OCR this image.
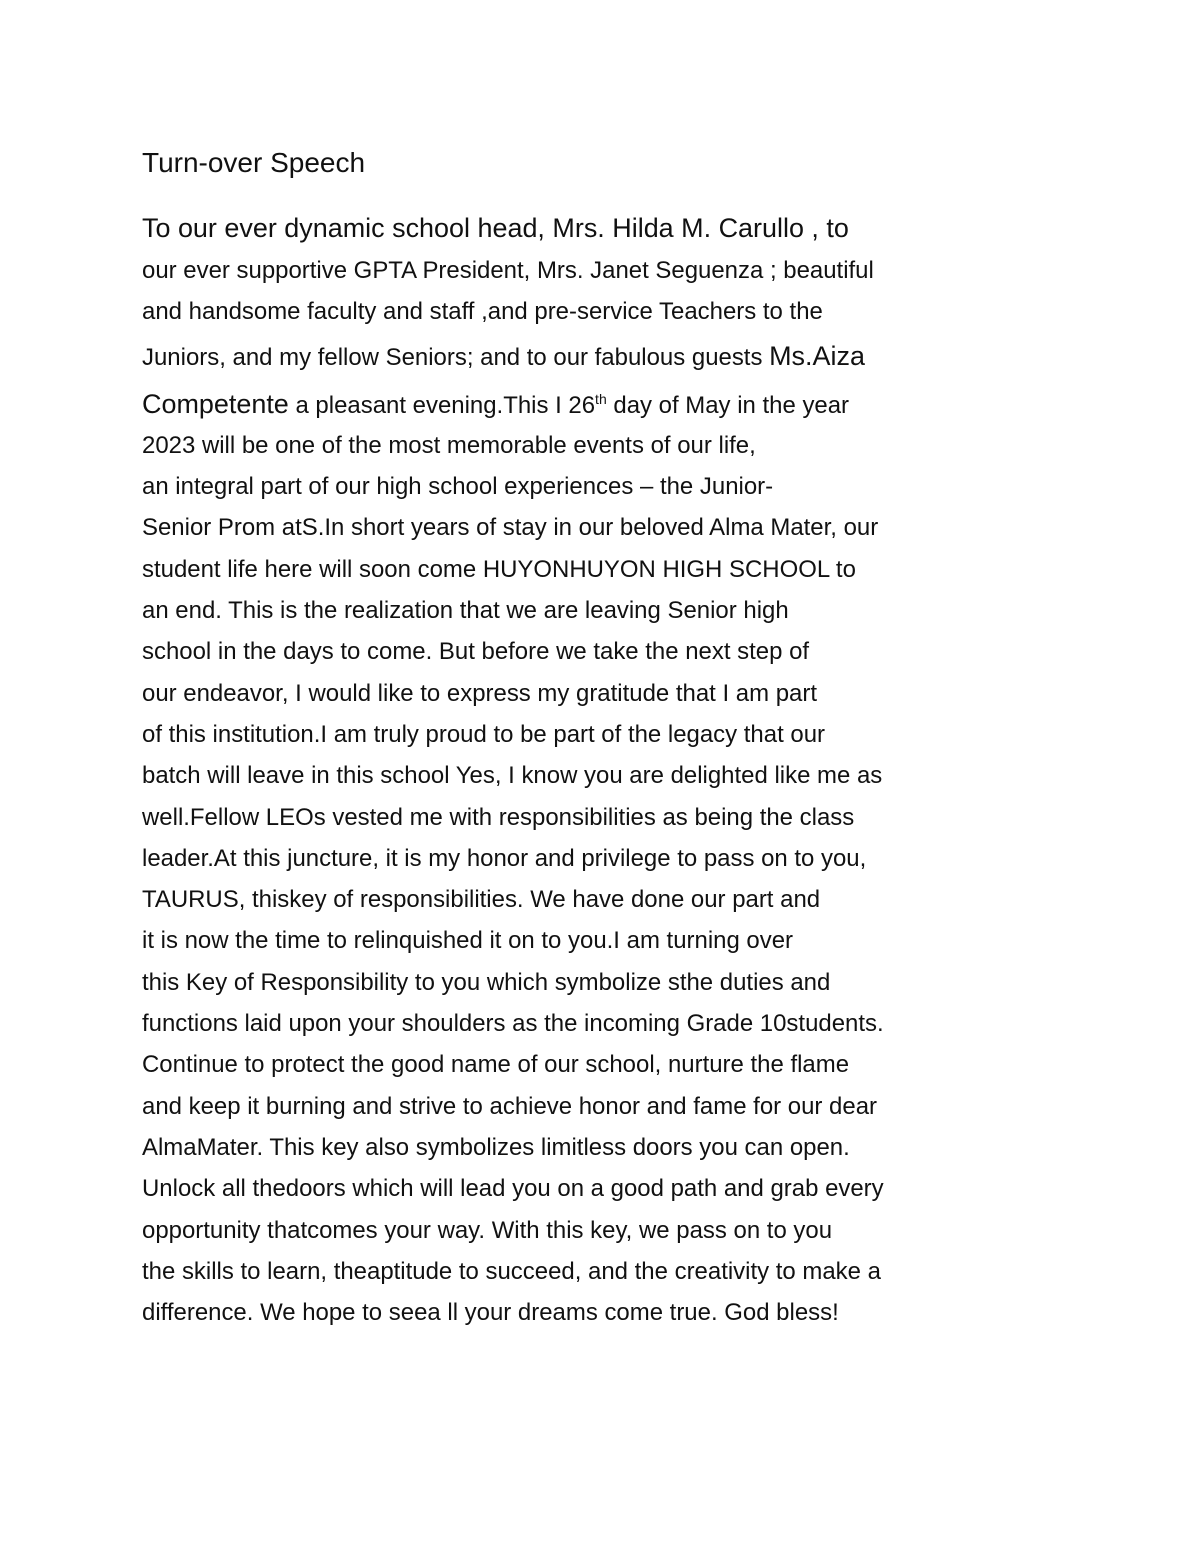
Turn-over Speech
To our ever dynamic school head, Mrs. Hilda M. Carullo , to
our ever supportive GPTA President, Mrs. Janet Seguenza ; beautiful
and handsome faculty and staff ,and pre-service Teachers to the
Juniors, and my fellow Seniors; and to our fabulous guests Ms.Aiza
Competente a pleasant evening.This I 26th day of May in the year
2023 will be one of the most memorable events of our life,
an integral part of our high school experiences – the Junior-
Senior Prom atS.In short years of stay in our beloved Alma Mater, our
student life here will soon come HUYONHUYON HIGH SCHOOL to
an end. This is the realization that we are leaving Senior high
school in the days to come. But before we take the next step of
our endeavor, I would like to express my gratitude that I am part
of this institution.I am truly proud to be part of the legacy that our
batch will leave in this school Yes, I know you are delighted like me as
well.Fellow LEOs vested me with responsibilities as being the class
leader.At this juncture, it is my honor and privilege to pass on to you,
TAURUS, thiskey of responsibilities. We have done our part and
it is now the time to relinquished it on to you.I am turning over
this Key of Responsibility to you which symbolize sthe duties and
functions laid upon your shoulders as the incoming Grade 10students.
Continue to protect the good name of our school, nurture the flame
and keep it burning and strive to achieve honor and fame for our dear
AlmaMater. This key also symbolizes limitless doors you can open.
Unlock all thedoors which will lead you on a good path and grab every
opportunity thatcomes your way. With this key, we pass on to you
the skills to learn, theaptitude to succeed, and the creativity to make a
difference. We hope to seea ll your dreams come true. God bless!
